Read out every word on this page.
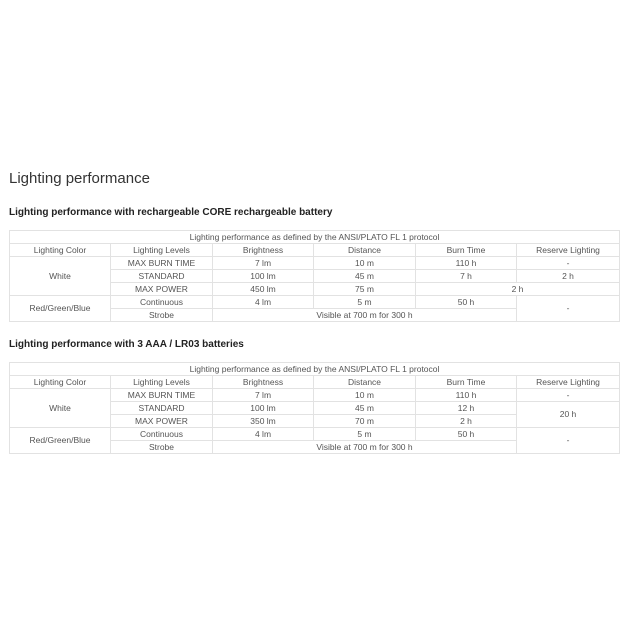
Lighting performance
Lighting performance with rechargeable CORE rechargeable battery
Lighting performance as defined by the ANSI/PLATO FL 1 protocol					
Lighting Color	Lighting Levels	Brightness	Distance	Burn Time	Reserve Lighting
White	MAX BURN TIME	7 lm	10 m	110 h	-
	STANDARD	100 lm	45 m	7 h	2 h
	MAX POWER	450 lm	75 m	2 h	
Red/Green/Blue	Continuous	4 lm	5 m	50 h	-
	Strobe	Visible at 700 m for 300 h			
Lighting performance with 3 AAA / LR03 batteries
Lighting performance as defined by the ANSI/PLATO FL 1 protocol					
Lighting Color	Lighting Levels	Brightness	Distance	Burn Time	Reserve Lighting
White	MAX BURN TIME	7 lm	10 m	110 h	-
	STANDARD	100 lm	45 m	12 h	20 h
	MAX POWER	350 lm	70 m	2 h	
Red/Green/Blue	Continuous	4 lm	5 m	50 h	-
	Strobe	Visible at 700 m for 300 h			
